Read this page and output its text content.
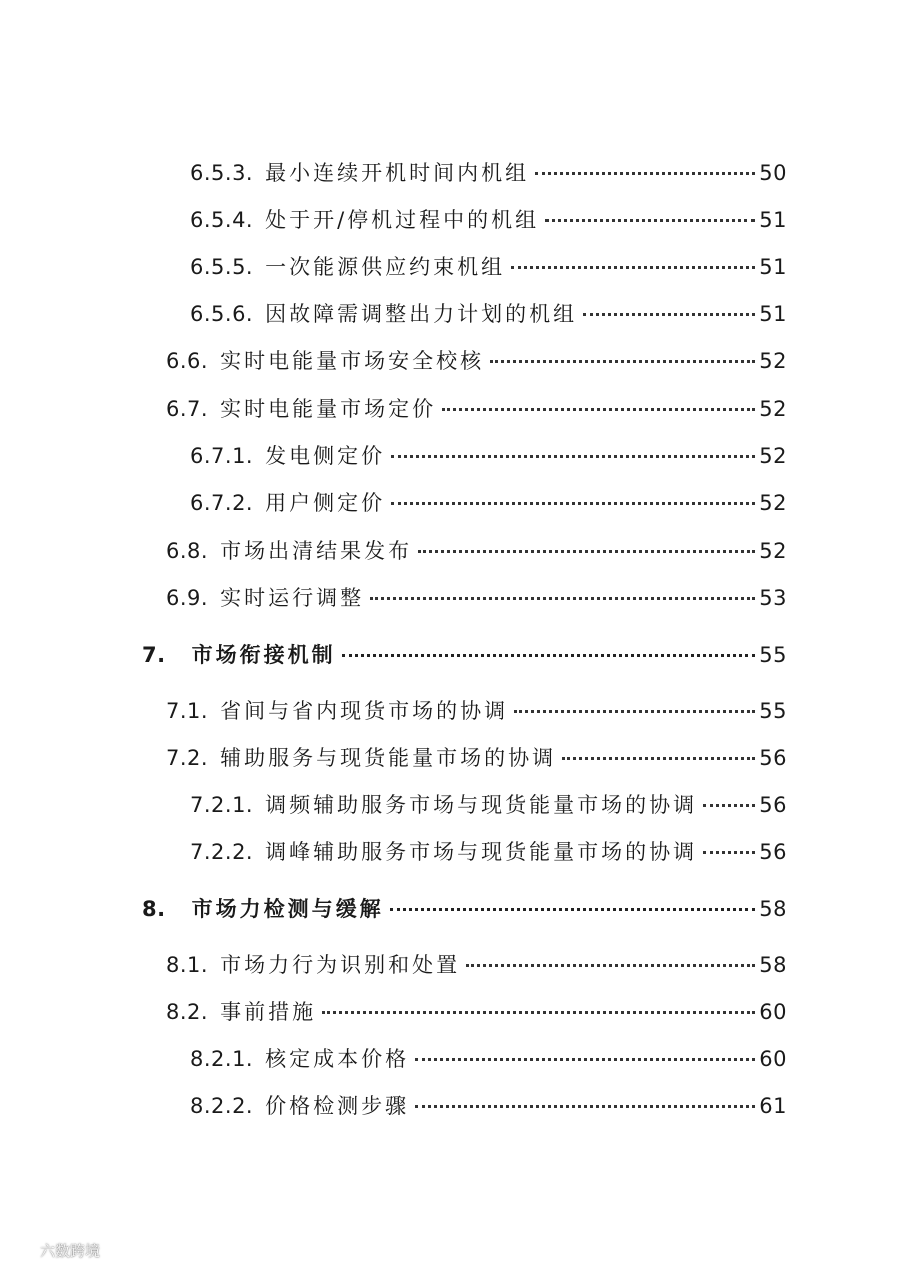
6.5.3. 最小连续开机时间内机组	50
6.5.4. 处于开/停机过程中的机组	51
6.5.5. 一次能源供应约束机组	51
6.5.6. 因故障需调整出力计划的机组	51
6.6. 实时电能量市场安全校核	52
6.7. 实时电能量市场定价	52
6.7.1. 发电侧定价	52
6.7.2. 用户侧定价	52
6.8. 市场出清结果发布	52
6.9. 实时运行调整	53
7. 市场衔接机制	55
7.1. 省间与省内现货市场的协调	55
7.2. 辅助服务与现货能量市场的协调	56
7.2.1. 调频辅助服务市场与现货能量市场的协调	56
7.2.2. 调峰辅助服务市场与现货能量市场的协调	56
8. 市场力检测与缓解	58
8.1. 市场力行为识别和处置	58
8.2. 事前措施	60
8.2.1. 核定成本价格	60
8.2.2. 价格检测步骤	61
六数跨境
